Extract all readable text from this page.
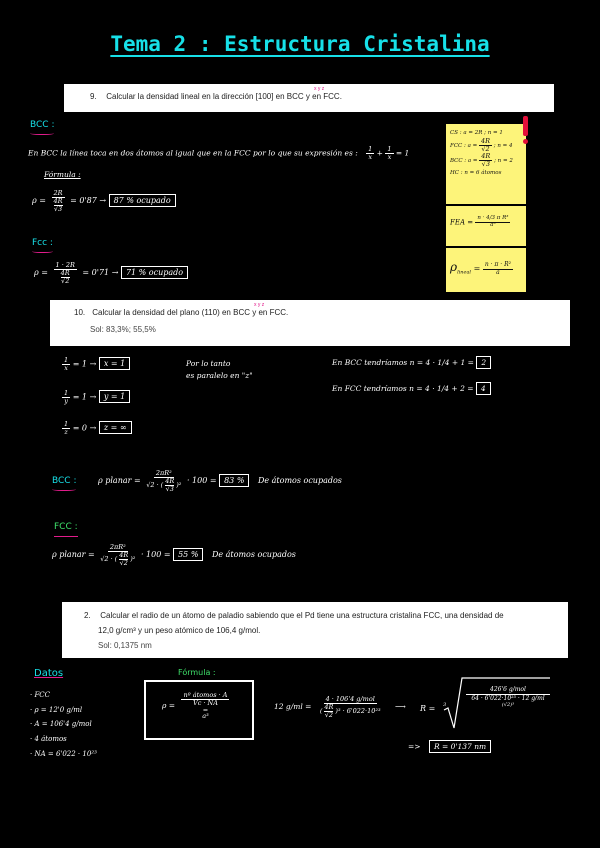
Tema 2 : Estructura Cristalina
9. Calcular la densidad lineal en la dirección [100] en BCC y en FCC.
x y z
BCC :
En BCC la línea toca en dos átomos al igual que en la FCC por lo que su expresión es : $\frac{1}{x} + \frac{1}{x} = 1$
Fórmula :
ρ = 2R
4R
√3 = 0'87 → 87 % ocupado
Fcc :
ρ = 1 · 2R
4R
√2 = 0'71 → 71 % ocupado
CS : a = 2R ; n = 1
FCC : $a = \frac{4R}{√2}$ ; n = 4
BCC : $a = \frac{4R}{√3}$ ; n = 2
HC : n = 6 átomos
FEA = $\frac{\text{n · 4/3 π R³}}{\text{a³}}$
$\rho_{lineal} = \frac{\text{n · π · R²}}{a}$
10. Calcular la densidad del plano (110) en BCC y en FCC.
Sol: 83,3%; 55,5%
x y z
$\frac{1}{x} = 1 \to x = 1$
$\frac{1}{y} = 1 \to y = 1$
$\frac{1}{z} = 0 \to z$ = ∞
Por lo tanto
es paralelo en "z"
En BCC tendríamos n = 4 · 1/4 + 1 = 2
En FCC tendríamos n = 4 · 1/4 + 2 = 4
BCC :	ρ planar = 2πR²
√2 · ( 4R
√3 )² · 100 = 83 % De átomos ocupados
FCC :
ρ planar = 2πR²
√2 · ( 4R
√2 )² · 100 = 55 % De átomos ocupados
2. Calcular el radio de un átomo de paladio sabiendo que el Pd tiene una estructura cristalina FCC, una densidad de
12,0 g/cm³ y un peso atómico de 106,4 g/mol.
Sol: 0,1375 nm
Datos
· FCC
· ρ = 12'0 g/ml
· A = 106'4 g/mol
· 4 átomos
· NA = 6'022 · 10²³
Fórmula :
ρ =
nº átomos · A
Vc · NA
=
a³
12 g/ml = 4 · 106'4 g/mol
( 4R
√2 )³ · 6'022·10²³ ⟶ R = 3
426'6 g/mol
64 · 6'022·10²³ · 12 g/ml
(√2)³
=> R = 0'137 nm
